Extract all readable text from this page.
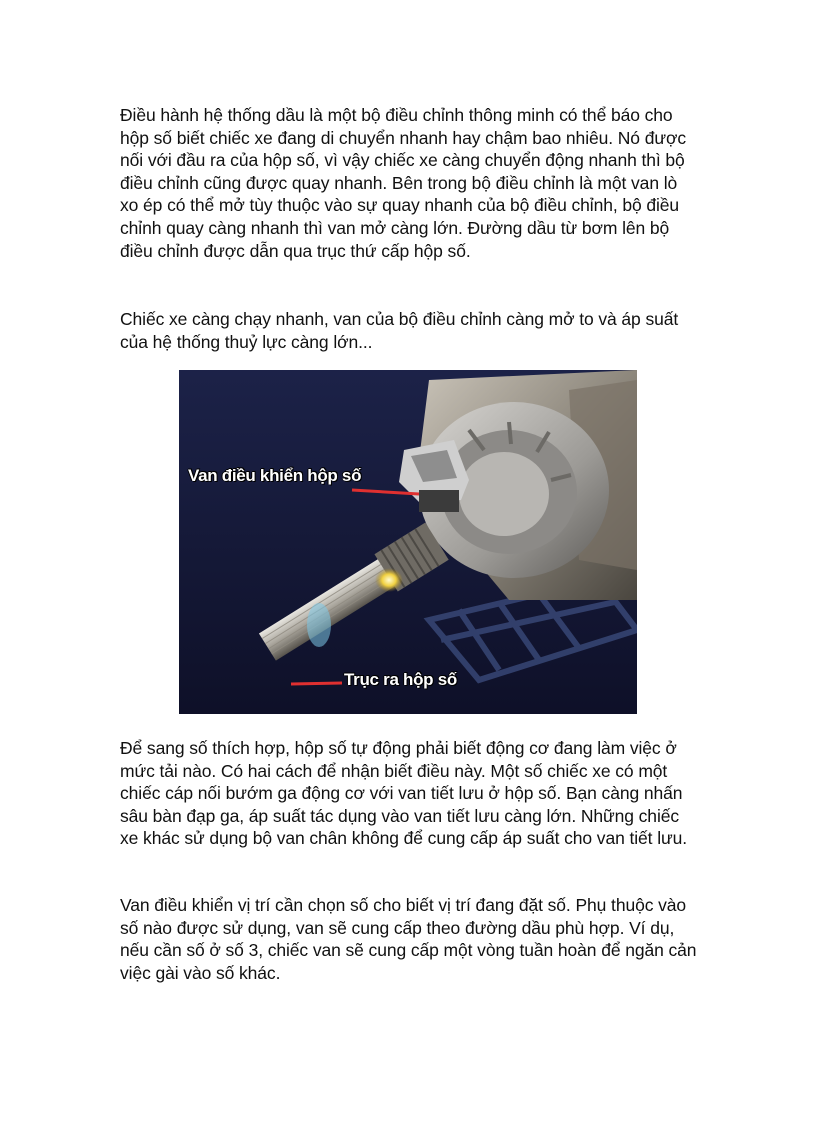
Điều hành hệ thống dầu là một bộ điều chỉnh thông minh có thể báo cho hộp số biết chiếc xe đang di chuyển nhanh hay chậm bao nhiêu. Nó được nối với đầu ra của hộp số, vì vậy chiếc xe càng chuyển động nhanh thì bộ điều chỉnh cũng được quay nhanh. Bên trong bộ điều chỉnh là một van lò xo ép có thể mở tùy thuộc vào sự quay nhanh của bộ điều chỉnh, bộ điều chỉnh quay càng nhanh thì van mở càng lớn. Đường dầu từ bơm lên bộ điều chỉnh được dẫn qua trục thứ cấp hộp số.

Chiếc xe càng chạy nhanh, van của bộ điều chỉnh càng mở to và áp suất của hệ thống thuỷ lực càng lớn...

Van điều khiển hộp số
Trục ra hộp số

Để sang số thích hợp, hộp số tự động phải biết động cơ đang làm việc ở mức tải nào. Có hai cách để nhận biết điều này. Một số chiếc xe có một chiếc cáp nối bướm ga động cơ với van tiết lưu ở hộp số. Bạn càng nhấn sâu bàn đạp ga, áp suất tác dụng vào van tiết lưu càng lớn. Những chiếc xe khác sử dụng bộ van chân không để cung cấp áp suất cho van tiết lưu.

Van điều khiển vị trí cần chọn số cho biết vị trí đang đặt số. Phụ thuộc vào số nào được sử dụng, van sẽ cung cấp theo đường dầu phù hợp. Ví dụ, nếu cần số ở số 3, chiếc van sẽ cung cấp một vòng tuần hoàn để ngăn cản việc gài vào số khác.
